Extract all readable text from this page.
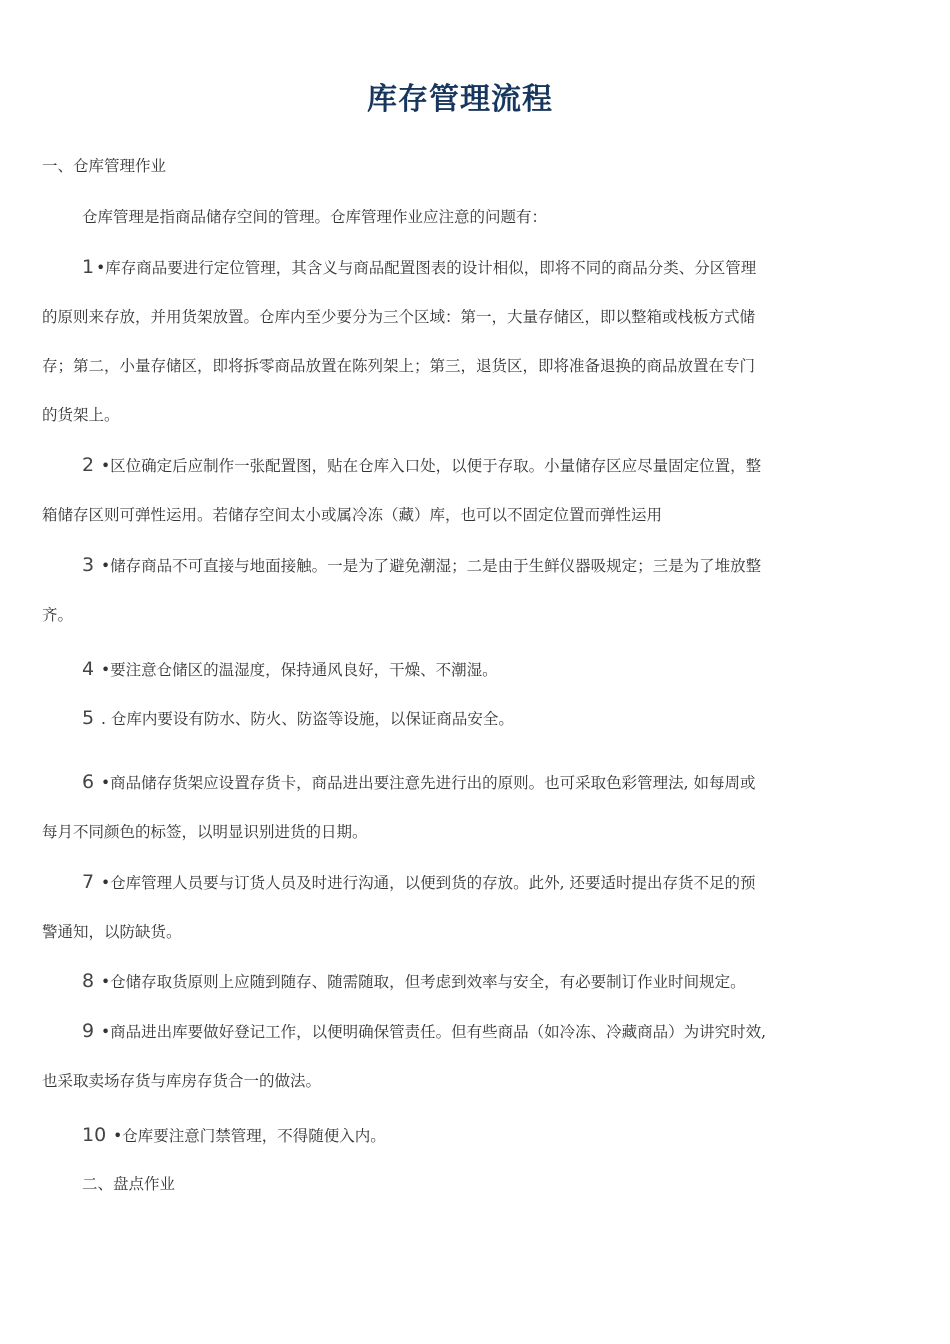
库存管理流程
一、仓库管理作业
仓库管理是指商品储存空间的管理。仓库管理作业应注意的问题有：

1 •库存商品要进行定位管理，其含义与商品配置图表的设计相似，即将不同的商品分类、分区管理

的原则来存放，并用货架放置。仓库内至少要分为三个区域：第一，大量存储区，即以整箱或栈板方式储

存；第二，小量存储区，即将拆零商品放置在陈列架上；第三，退货区，即将准备退换的商品放置在专门

的货架上。

2 •区位确定后应制作一张配置图，贴在仓库入口处，以便于存取。小量储存区应尽量固定位置，整

箱储存区则可弹性运用。若储存空间太小或属冷冻（藏）库，也可以不固定位置而弹性运用

3 •储存商品不可直接与地面接触。一是为了避免潮湿；二是由于生鲜仪器吸规定；三是为了堆放整

齐。

4 •要注意仓储区的温湿度，保持通风良好，干燥、不潮湿。

5 . 仓库内要设有防水、防火、防盗等设施，以保证商品安全。

6 •商品储存货架应设置存货卡，商品进出要注意先进行出的原则。也可采取色彩管理法, 如每周或

每月不同颜色的标签，以明显识别进货的日期。

7 •仓库管理人员要与订货人员及时进行沟通，以便到货的存放。此外, 还要适时提出存货不足的预

警通知，以防缺货。

8 •仓储存取货原则上应随到随存、随需随取，但考虑到效率与安全，有必要制订作业时间规定。

9 •商品进出库要做好登记工作，以便明确保管责任。但有些商品（如冷冻、冷藏商品）为讲究时效,

也采取卖场存货与库房存货合一的做法。

10 •仓库要注意门禁管理，不得随便入内。

二、盘点作业
